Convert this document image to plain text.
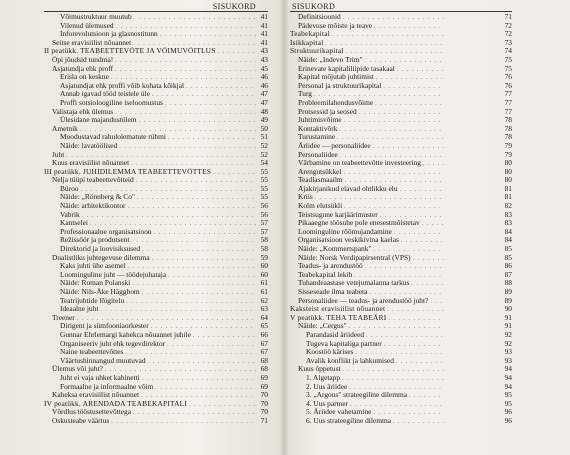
SISUKORD
Võimustruktuur muutub . . .	41
Vilenud ülemused . . .	41
Inforevolutsioon ja glasnostitunn . . .	41
Seitse eravisiilist nõuannet . . .	41
II peatükk. TEABEETTEVÕTE JA VÕIMUVÕITLUS . . .	43
Õpi jõudsid tundma! . . .	43
Asjatundja ehk proff . . .	45
Erisla on keskne . . .	46
Asjatundjat ehk proffi võib kohata kõikjal . . .	46
Annab igavad tööd teistele üle . . .	47
Proffi sotsioloogiline iseloomustus . . .	47
Valistaja ehk ülemus . . .	48
Ülesidane majandustülem . . .	49
Ametnik . . .	50
Moodustavad rahulolematute rühmi . . .	51
Näide: lavatöölised . . .	52
Juht . . .	52
Kuus eravisiilist nõuannet . . .	54
III peatükk. JUHIDILEMMA TEABEETTEVÕTTES . . .	55
Nelja tüüpi teabeettevõtteid . . .	55
Büroo . . .	55
Näide: „Rönnberg & Co" . . .	55
Näide: arhitektikontor . . .	56
Vabrik . . .	56
Kantselei . . .	57
Professionaalne organisatsioon . . .	57
Režissöör ja produtsent . . .	58
Direktorid ja loovisiksused . . .	58
Dualistliku juhtegevuse dilemma . . .	59
Kaks juhti ühe asemel . . .	60
Loominguline juht — töödejuhataja . . .	60
Näide: Roman Polanski . . .	61
Näide: Nils-Åke Häggbom . . .	61
Teatrijuhtide lõigitelu . . .	62
Ideaalne juht . . .	63
Treener . . .	64
Dirigent ja sümfooniaorkester . . .	65
Gunnar Ehrlemargi kahekса nõuannet juhile . . .	66
Organiseeriv juht ehk tegevdirektor . . .	67
Naine teabeettevõttes . . .	67
Väärtushinnangud muutuvad . . .	68
Ülemus või juht? . . .	68
Juht ei vaja uhket kabinetti . . .	69
Formaalne ja informaalne võim . . .	69
Kaheksa eravisiilist nõuannet . . .	70
IV peatükk. ARENDADA TEABEKAPITALI . . .	70
Võrdlus tööstusettevõttega . . .	70
Oskusteabe väärtus . . .	71
SISUKORD
Definitsioonid . . .	71
Pädevuse mõiste ja teave . . .	72
Teabekapital . . .	72
Isikkapital . . .	73
Struktuurikapital . . .	74
Näide: „Indevo Trim" . . .	75
Erinevate kapitaliliipide tasakaal . . .	75
Kapital mõjutab juhtimist . . .	76
Personal ja struktuurikapital . . .	76
Turg . . .	77
Probleemilahendusvõime . . .	77
Protsessid ja seosed . . .	77
Juhtimisvõime . . .	78
Kontaktivõrk . . .	78
Turustamine . . .	78
Äriidee — personaliidee . . .	79
Personaliidee . . .	79
Vārbamine on teabeettevõtte investeering . . .	80
Arengutsükkel . . .	80
Teadlasmaailm . . .	80
Ajakirjanikud elavad ohtlikku elu . . .	81
Kriis . . .	81
Kolm elutsükli . . .	82
Teistsugune karjäärimuster . . .	83
Pikaaegne töösuhe pole enesestmõistetav . . .	83
Loominguline rõõmujandamine . . .	84
Organisatsioon veskikivina kaelas . . .	84
Näide: „Kommertspank" . . .	85
Näide: Norsk Verdipapirsentral (VPS) . . .	85
Teadus- ja arendustöö . . .	86
Teabekapital lekib . . .	87
Tuhandeaastase vetejumalanna tarkus . . .	88
Sisseseade ilma teabeta . . .	89
Personaliidee — teadus- ja arendustöö juht? . . .	89
Kaksteist eravisiilist nõuannet . . .	90
V peatükk. TEHA TEABEÄRI . . .	91
Näide: „Cergus" . . .	91
Parandasid äriideed . . .	92
Tugeva kapitaliga partner . . .	92
Koostöö kärises . . .	93
Avalik konflikt ja lahkumised . . .	93
Kuus õppetust . . .	94
1. Algetapp . . .	94
2. Uus äriidee . . .	94
3. „Argous" strateegiline dilemma . . .	95
4. Uus partner . . .	95
5. Äriidee vahetamine . . .	96
6. Uus strateegiline dilemma . . .	96
